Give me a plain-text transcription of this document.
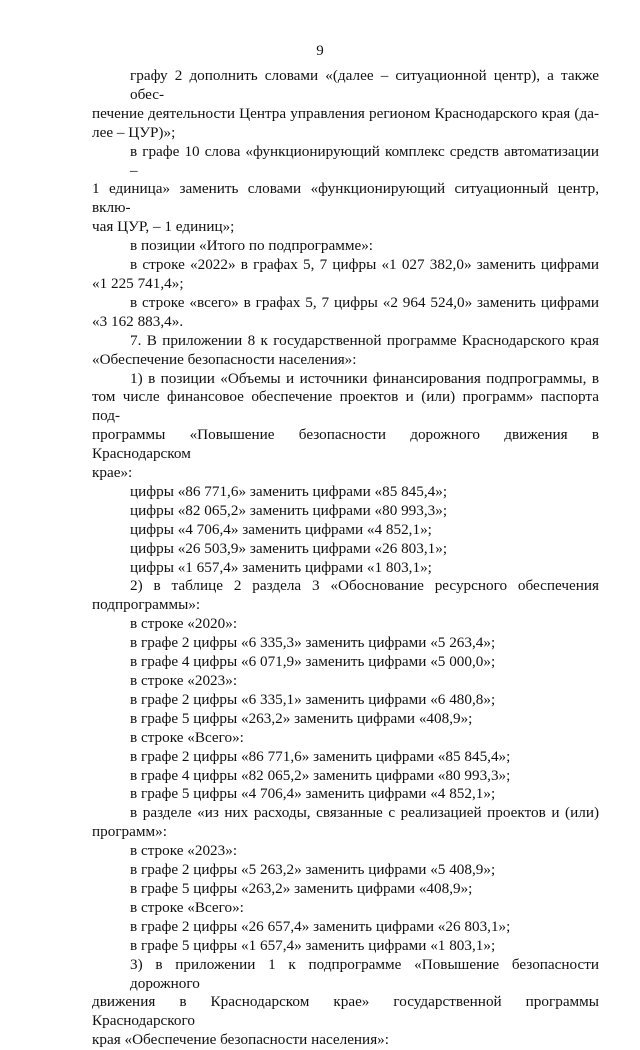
9
графу 2 дополнить словами «(далее – ситуационной центр), а также обес-
печение деятельности Центра управления регионом Краснодарского края (да-
лее – ЦУР)»;
в графе 10 слова «функционирующий комплекс средств автоматизации –
1 единица» заменить словами «функционирующий ситуационный центр, вклю-
чая ЦУР, – 1 единиц»;
в позиции «Итого по подпрограмме»:
в строке «2022» в графах 5, 7 цифры «1 027 382,0» заменить цифрами
«1 225 741,4»;
в строке «всего» в графах 5, 7 цифры «2 964 524,0» заменить цифрами
«3 162 883,4».
7. В приложении 8 к государственной программе Краснодарского края
«Обеспечение безопасности населения»:
1) в позиции «Объемы и источники финансирования подпрограммы, в
том числе финансовое обеспечение проектов и (или) программ» паспорта под-
программы «Повышение безопасности дорожного движения в Краснодарском
крае»:
цифры «86 771,6» заменить цифрами «85 845,4»;
цифры «82 065,2» заменить цифрами «80 993,3»;
цифры «4 706,4» заменить цифрами «4 852,1»;
цифры «26 503,9» заменить цифрами «26 803,1»;
цифры «1 657,4» заменить цифрами «1 803,1»;
2) в таблице 2 раздела 3 «Обоснование ресурсного обеспечения
подпрограммы»:
в строке «2020»:
в графе 2 цифры «6 335,3» заменить цифрами «5 263,4»;
в графе 4 цифры «6 071,9» заменить цифрами «5 000,0»;
в строке «2023»:
в графе 2 цифры «6 335,1» заменить цифрами «6 480,8»;
в графе 5 цифры «263,2» заменить цифрами «408,9»;
в строке «Всего»:
в графе 2 цифры «86 771,6» заменить цифрами «85 845,4»;
в графе 4 цифры «82 065,2» заменить цифрами «80 993,3»;
в графе 5 цифры «4 706,4» заменить цифрами «4 852,1»;
в разделе «из них расходы, связанные с реализацией проектов и (или)
программ»:
в строке «2023»:
в графе 2 цифры «5 263,2» заменить цифрами «5 408,9»;
в графе 5 цифры «263,2» заменить цифрами «408,9»;
в строке «Всего»:
в графе 2 цифры «26 657,4» заменить цифрами «26 803,1»;
в графе 5 цифры «1 657,4» заменить цифрами «1 803,1»;
3) в приложении 1 к подпрограмме «Повышение безопасности дорожного
движения в Краснодарском крае» государственной программы Краснодарского
края «Обеспечение безопасности населения»:
